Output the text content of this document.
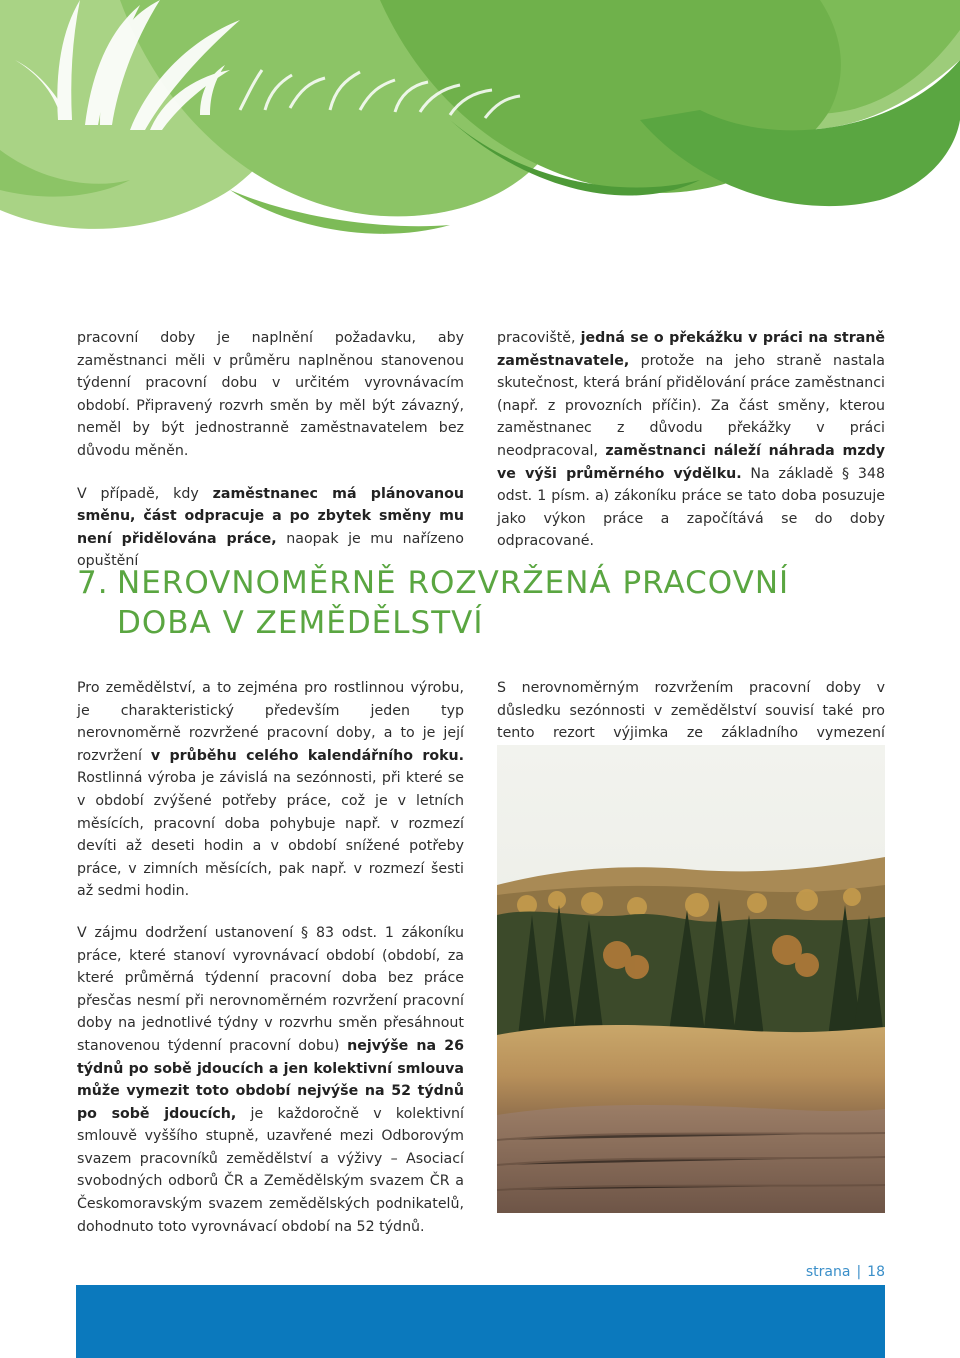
pracovní doby je naplnění požadavku, aby zaměstnanci měli v průměru naplněnou stanovenou týdenní pracovní dobu v určitém vyrovnávacím období. Připravený rozvrh směn by měl být závazný, neměl by být jednostranně zaměstnavatelem bez důvodu měněn.

V případě, kdy zaměstnanec má plánovanou směnu, část odpracuje a po zbytek směny mu není přidělována práce, naopak je mu nařízeno opuštění

pracoviště, jedná se o překážku v práci na straně zaměstnavatele, protože na jeho straně nastala skutečnost, která brání přidělování práce zaměstnanci (např. z provozních příčin). Za část směny, kterou zaměstnanec z důvodu překážky v práci neodpracoval, zaměstnanci náleží náhrada mzdy ve výši průměrného výdělku. Na základě § 348 odst. 1 písm. a) zákoníku práce se tato doba posuzuje jako výkon práce a započítává se do doby odpracované.

7. NEROVNOMĚRNĚ ROZVRŽENÁ PRACOVNÍ
DOBA V ZEMĚDĚLSTVÍ

Pro zemědělství, a to zejména pro rostlinnou výrobu, je charakteristický především jeden typ nerovnoměrně rozvržené pracovní doby, a to je její rozvržení v průběhu celého kalendářního roku. Rostlinná výroba je závislá na sezónnosti, při které se v období zvýšené potřeby práce, což je v letních měsících, pracovní doba pohybuje např. v rozmezí devíti až deseti hodin a v období snížené potřeby práce, v zimních měsících, pak např. v rozmezí šesti až sedmi hodin.

V zájmu dodržení ustanovení § 83 odst. 1 zákoníku práce, které stanoví vyrovnávací období (období, za které průměrná týdenní pracovní doba bez práce přesčas nesmí při nerovnoměrném rozvržení pracovní doby na jednotlivé týdny v rozvrhu směn přesáhnout stanovenou týdenní pracovní dobu) nejvýše na 26 týdnů po sobě jdoucích a jen kolektivní smlouva může vymezit toto období nejvýše na 52 týdnů po sobě jdoucích, je každoročně v kolektivní smlouvě vyššího stupně, uzavřené mezi Odborovým svazem pracovníků zemědělství a výživy – Asociací svobodných odborů ČR a Zemědělským svazem ČR a Českomoravským svazem zemědělských podnikatelů, dohodnuto toto vyrovnávací období na 52 týdnů.

S nerovnoměrným rozvržením pracovní doby v důsledku sezónnosti v zemědělství souvisí také pro tento rezort výjimka ze základního vymezení

strana | 18
